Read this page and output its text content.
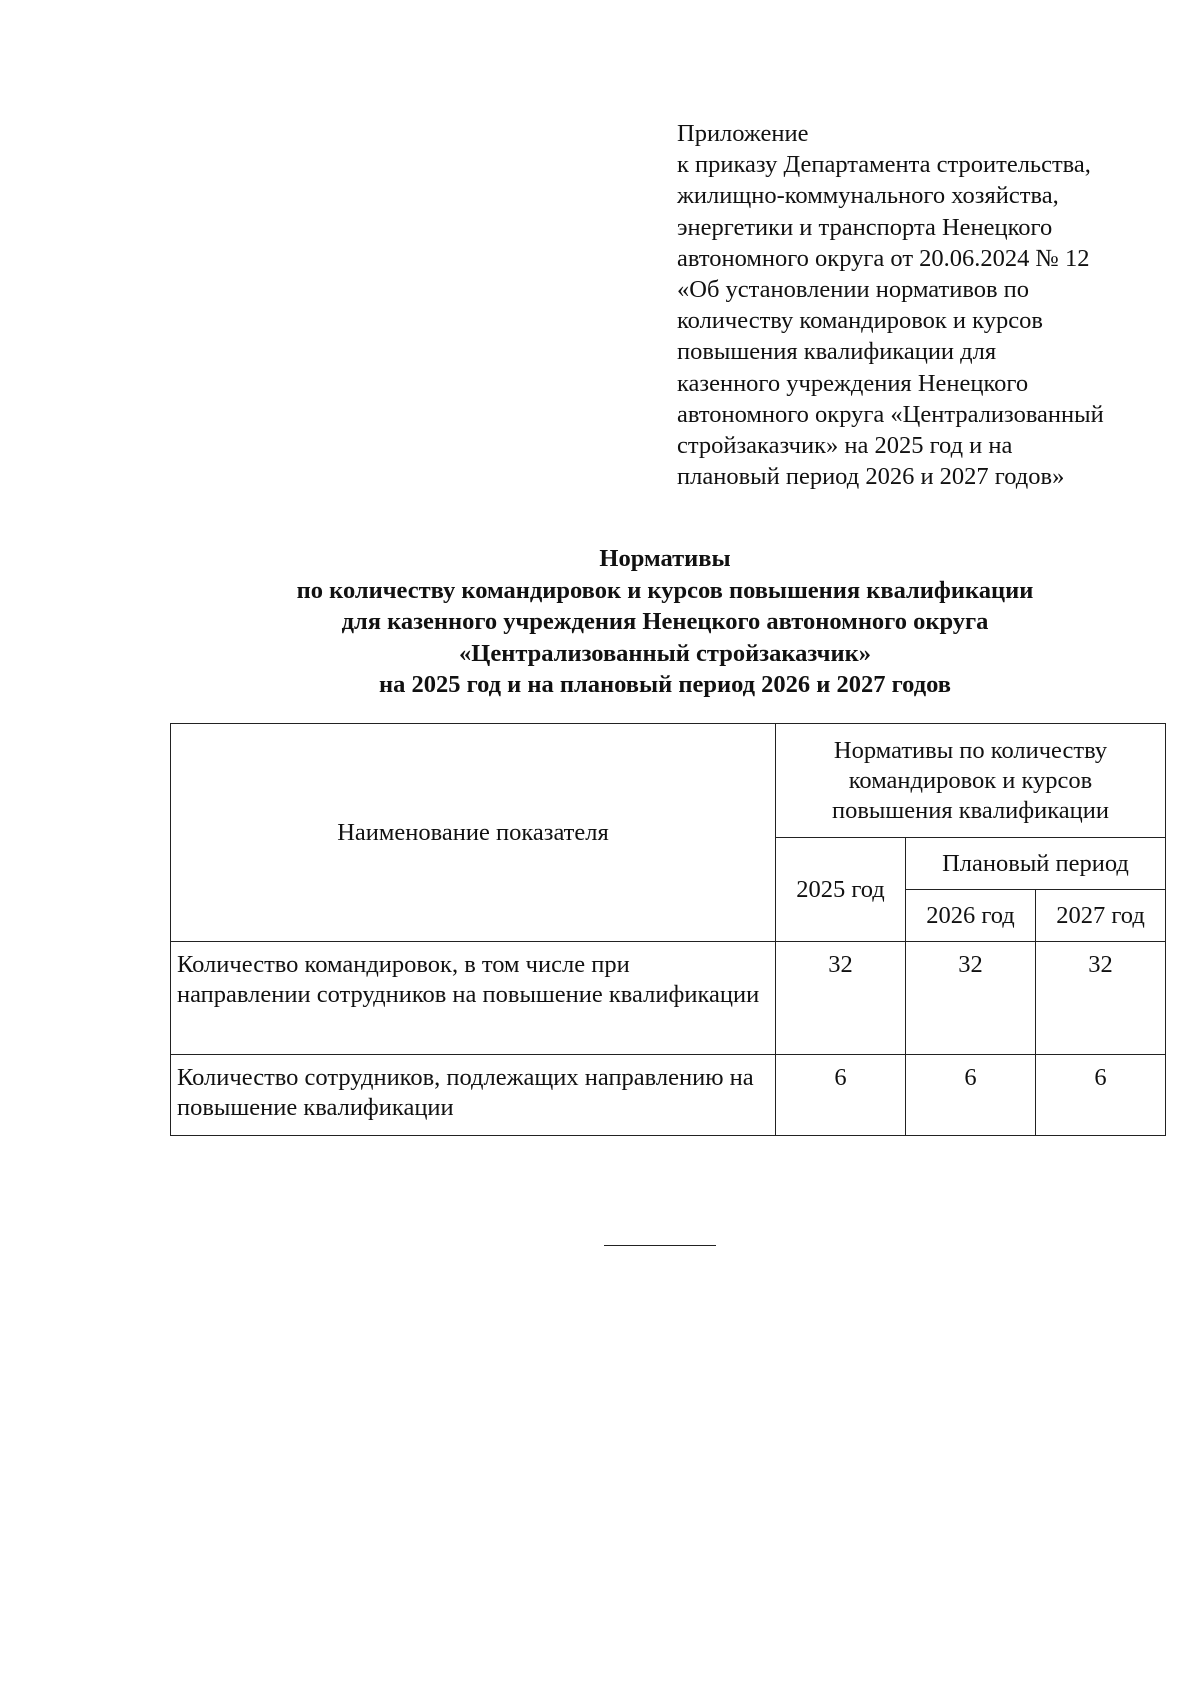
Приложение
к приказу Департамента строительства,
жилищно-коммунального хозяйства,
энергетики и транспорта Ненецкого
автономного округа от 20.06.2024 № 12
«Об установлении нормативов по
количеству командировок и курсов
повышения квалификации для
казенного учреждения Ненецкого
автономного округа «Централизованный
стройзаказчик» на 2025 год и на
плановый период 2026 и 2027 годов»
Нормативы
по количеству командировок и курсов повышения квалификации
для казенного учреждения Ненецкого автономного округа
«Централизованный стройзаказчик»
на 2025 год и на плановый период 2026 и 2027 годов
Наименование показателя	Нормативы по количеству командировок и курсов повышения квалификации		
	2025 год	Плановый период	
		2026 год	2027 год
Количество командировок, в том числе при направлении сотрудников на повышение квалификации	32	32	32
Количество сотрудников, подлежащих направлению на повышение квалификации	6	6	6
